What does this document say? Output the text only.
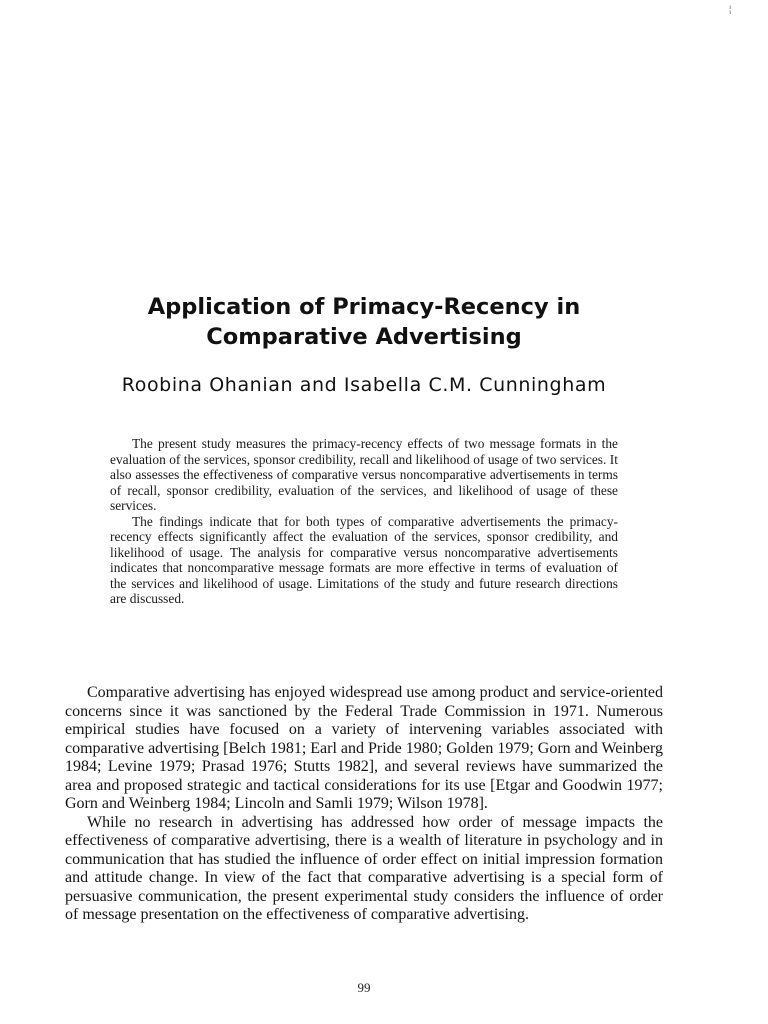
¦
Application of Primacy-Recency in
Comparative Advertising
Roobina Ohanian and Isabella C.M. Cunningham

The present study measures the primacy-recency effects of two message formats in the evaluation of the services, sponsor credibility, recall and likelihood of usage of two services. It also assesses the effectiveness of comparative versus noncomparative advertisements in terms of recall, sponsor credibility, evaluation of the services, and likelihood of usage of these services.

The findings indicate that for both types of comparative advertisements the primacy-recency effects significantly affect the evaluation of the services, sponsor credibility, and likelihood of usage. The analysis for comparative versus noncomparative advertisements indicates that noncomparative message formats are more effective in terms of evaluation of the services and likelihood of usage. Limitations of the study and future research directions are discussed.

Comparative advertising has enjoyed widespread use among product and service-oriented concerns since it was sanctioned by the Federal Trade Commission in 1971. Numerous empirical studies have focused on a variety of intervening variables associated with comparative advertising [Belch 1981; Earl and Pride 1980; Golden 1979; Gorn and Weinberg 1984; Levine 1979; Prasad 1976; Stutts 1982], and several reviews have summarized the area and proposed strategic and tactical considerations for its use [Etgar and Goodwin 1977; Gorn and Weinberg 1984; Lincoln and Samli 1979; Wilson 1978].

While no research in advertising has addressed how order of message impacts the effectiveness of comparative advertising, there is a wealth of literature in psychology and in communication that has studied the influence of order effect on initial impression formation and attitude change. In view of the fact that comparative advertising is a special form of persuasive communication, the present experimental study considers the influence of order of message presentation on the effectiveness of comparative advertising.

99
